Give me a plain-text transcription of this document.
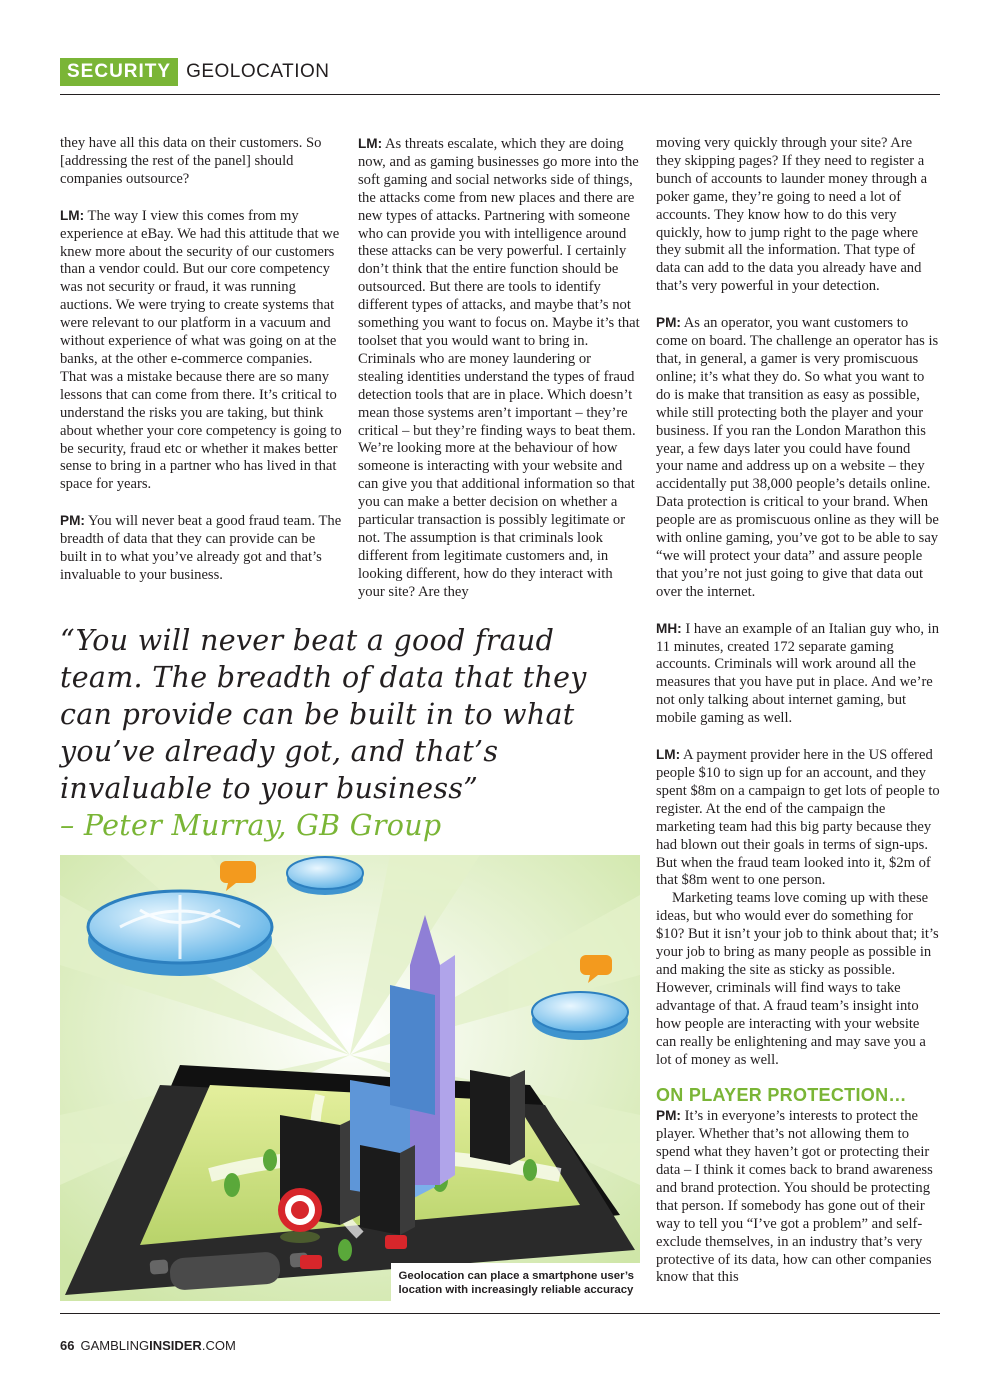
SECURITY GEOLOCATION

they have all this data on their customers. So [addressing the rest of the panel] should companies outsource?

LM: The way I view this comes from my experience at eBay. We had this attitude that we knew more about the security of our customers than a vendor could. But our core competency was not security or fraud, it was running auctions. We were trying to create systems that were relevant to our platform in a vacuum and without experience of what was going on at the banks, at the other e-commerce companies. That was a mistake because there are so many lessons that can come from there. It’s critical to understand the risks you are taking, but think about whether your core competency is going to be security, fraud etc or whether it makes better sense to bring in a partner who has lived in that space for years.

PM: You will never beat a good fraud team. The breadth of data that they can provide can be built in to what you’ve already got and that’s invaluable to your business.

LM: As threats escalate, which they are doing now, and as gaming businesses go more into the soft gaming and social networks side of things, the attacks come from new places and there are new types of attacks. Partnering with someone who can provide you with intelligence around these attacks can be very powerful. I certainly don’t think that the entire function should be outsourced. But there are tools to identify different types of attacks, and maybe that’s not something you want to focus on. Maybe it’s that toolset that you would want to bring in. Criminals who are money laundering or stealing identities understand the types of fraud detection tools that are in place. Which doesn’t mean those systems aren’t important – they’re critical – but they’re finding ways to beat them. We’re looking more at the behaviour of how someone is interacting with your website and can give you that additional information so that you can make a better decision on whether a particular transaction is possibly legitimate or not. The assumption is that criminals look different from legitimate customers and, in looking different, how do they interact with your site? Are they

moving very quickly through your site? Are they skipping pages? If they need to register a bunch of accounts to launder money through a poker game, they’re going to need a lot of accounts. They know how to do this very quickly, how to jump right to the page where they submit all the information. That type of data can add to the data you already have and that’s very powerful in your detection.

PM: As an operator, you want customers to come on board. The challenge an operator has is that, in general, a gamer is very promiscuous online; it’s what they do. So what you want to do is make that transition as easy as possible, while still protecting both the player and your business. If you ran the London Marathon this year, a few days later you could have found your name and address up on a website – they accidentally put 38,000 people’s details online. Data protection is critical to your brand. When people are as promiscuous online as they will be with online gaming, you’ve got to be able to say “we will protect your data” and assure people that you’re not just going to give that data out over the internet.

MH: I have an example of an Italian guy who, in 11 minutes, created 172 separate gaming accounts. Criminals will work around all the measures that you have put in place. And we’re not only talking about internet gaming, but mobile gaming as well.

LM: A payment provider here in the US offered people $10 to sign up for an account, and they spent $8m on a campaign to get lots of people to register. At the end of the campaign the marketing team had this big party because they had blown out their goals in terms of sign-ups. But when the fraud team looked into it, $2m of that $8m went to one person.

Marketing teams love coming up with these ideas, but who would ever do something for $10? But it isn’t your job to think about that; it’s your job to bring as many people as possible in and making the site as sticky as possible. However, criminals will find ways to take advantage of that. A fraud team’s insight into how people are interacting with your website can really be enlightening and may save you a lot of money as well.

ON PLAYER PROTECTION…

PM: It’s in everyone’s interests to protect the player. Whether that’s not allowing them to spend what they haven’t got or protecting their data – I think it comes back to brand awareness and brand protection. You should be protecting that person. If somebody has gone out of their way to tell you “I’ve got a problem” and self-exclude themselves, in an industry that’s very protective of its data, how can other companies know that this

“You will never beat a good fraud team. The breadth of data that they can provide can be built in to what you’ve already got, and that’s invaluable to your business”
– Peter Murray, GB Group
Geolocation can place a smartphone user’s
location with increasingly reliable accuracy
66 GAMBLINGINSIDER.COM
